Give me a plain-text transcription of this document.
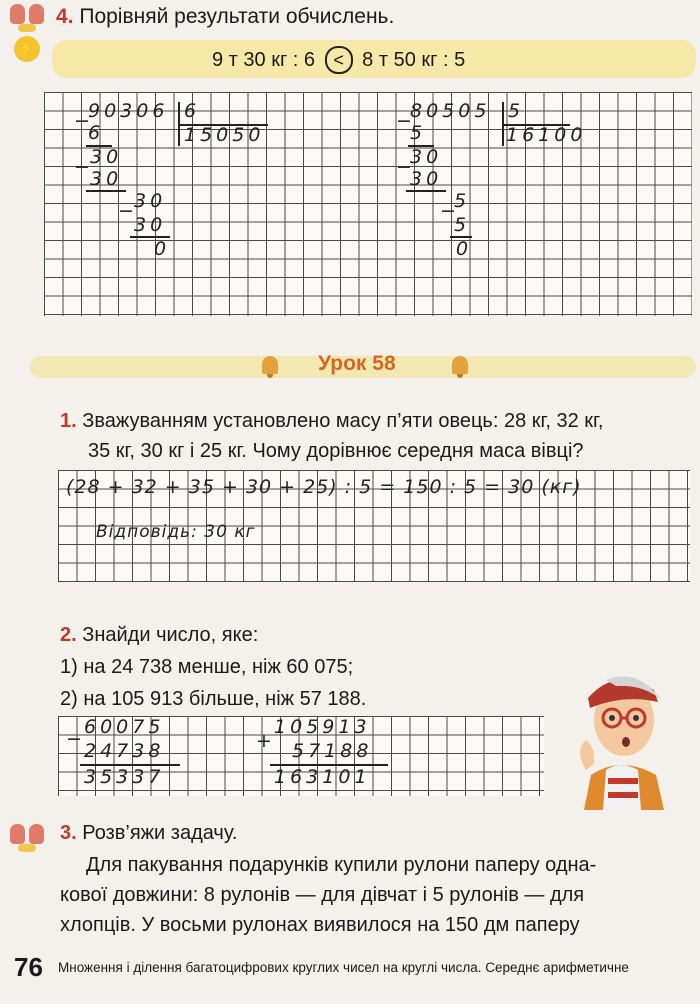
⚡
4. Порівняй результати обчислень.
9 т 30 кг : 6 < 8 т 50 кг : 5
90306 6
15050
−
6
−
30
30
−
30
30
0
80505 5
16100
−
5
−
30
30
−
5
5
0
Урок 58
1. Зважуванням установлено масу п’яти овець: 28 кг, 32 кг,
35 кг, 30 кг і 25 кг. Чому дорівнює середня маса вівці?
(28 + 32 + 35 + 30 + 25) : 5 = 150 : 5 = 30 (кг)
Відповідь: 30 кг
2. Знайди число, яке:
1) на 24 738 менше, ніж 60 075;
2) на 105 913 більше, ніж 57 188.
−
60075
24738
35337
+
105913
57188
163101
3. Розв’яжи задачу.
Для пакування подарунків купили рулони паперу одна-
кової довжини: 8 рулонів — для дівчат і 5 рулонів — для
хлопців. У восьми рулонах виявилося на 150 дм паперу
76 Множення і ділення багатоцифрових круглих чисел на круглі числа. Середнє арифметичне
